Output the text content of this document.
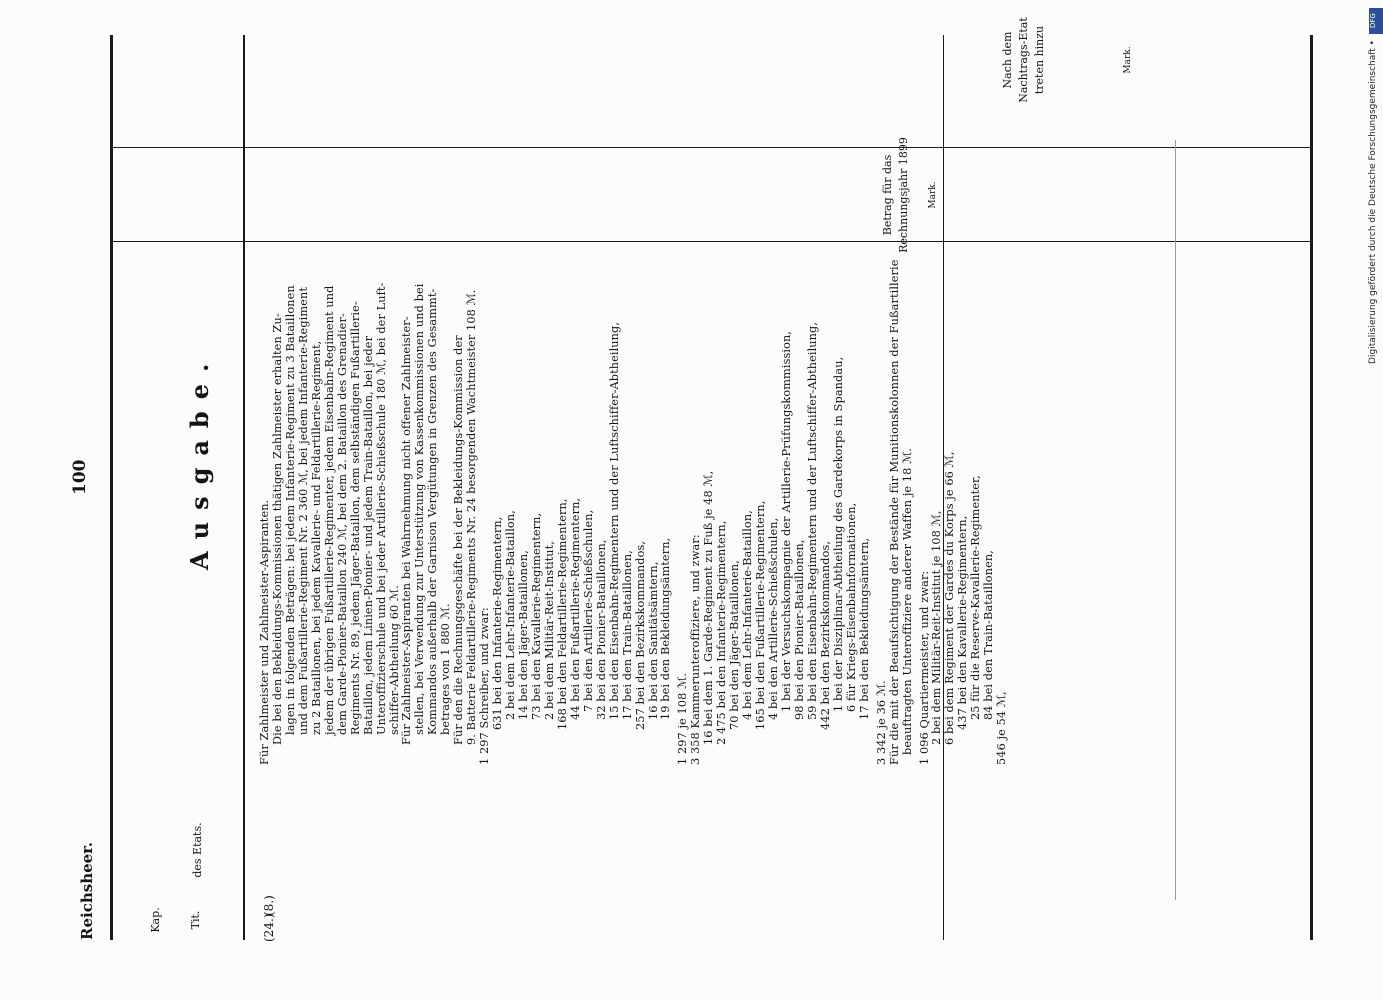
DFG
Digitalisierung gefördert durch die Deutsche Forschungsgemeinschaft •
Reichsheer.
100
Kap. Tit.
des Etats.
Ausgabe.
Betrag für das Rechnungsjahr 1899	Mark.
Nach dem Nachtrags-Etat treten hinzu	Mark.
(24.)
(8.)
Für Zahlmeister und Zahlmeister-Aspiranten. Die bei den Bekleidungs-Kommissionen thätigen Zahlmeister erhalten Zu- lagen in folgenden Beträgen: bei jedem Infanterie-Regiment zu 3 Bataillonen und dem Fußartillerie-Regiment Nr. 2 360 ℳ, bei jedem Infanterie-Regiment zu 2 Bataillonen, bei jedem Kavallerie- und Feldartillerie-Regiment, jedem der übrigen Fußartillerie-Regimenter, jedem Eisenbahn-Regiment und dem Garde-Pionier-Bataillon 240 ℳ, bei dem 2. Bataillon des Grenadier- Regiments Nr. 89, jedem Jäger-Bataillon, dem selbständigen Fußartillerie- Bataillon, jedem Linien-Pionier- und jedem Train-Bataillon, bei jeder Unteroffizierschule und bei jeder Artillerie-Schießschule 180 ℳ, bei der Luft- schiffer-Abtheilung 60 ℳ. Für Zahlmeister-Aspiranten bei Wahrnehmung nicht offener Zahlmeister- stellen, bei Verwendung zur Unterstützung von Kassenkommissionen und bei Kommandos außerhalb der Garnison Vergütungen in Grenzen des Gesammt- betrages von 1 880 ℳ. Für den die Rechnungsgeschäfte bei der Bekleidungs-Kommission der 9. Batterie Feldartillerie-Regiments Nr. 24 besorgenden Wachtmeister 108 ℳ. 1 297 Schreiber, und zwar: 631 bei den Infanterie-Regimentern, 2 bei dem Lehr-Infanterie-Bataillon, 14 bei den Jäger-Bataillonen, 73 bei den Kavallerie-Regimentern, 2 bei dem Militär-Reit-Institut, 168 bei den Feldartillerie-Regimentern, 44 bei den Fußartillerie-Regimentern, 7 bei den Artillerie-Schießschulen, 32 bei den Pionier-Bataillonen, 15 bei den Eisenbahn-Regimentern und der Luftschiffer-Abtheilung, 17 bei den Train-Bataillonen, 257 bei den Bezirkskommandos, 16 bei den Sanitätsämtern, 19 bei den Bekleidungsämtern, 1 297 je 108 ℳ. 3 358 Kammerunteroffiziere, und zwar: 16 bei dem 1. Garde-Regiment zu Fuß je 48 ℳ, 2 475 bei den Infanterie-Regimentern, 70 bei den Jäger-Bataillonen, 4 bei dem Lehr-Infanterie-Bataillon, 165 bei den Fußartillerie-Regimentern, 4 bei den Artillerie-Schießschulen, 1 bei der Versuchskompagnie der Artillerie-Prüfungskommission, 98 bei den Pionier-Bataillonen, 59 bei den Eisenbahn-Regimentern und der Luftschiffer-Abtheilung, 442 bei den Bezirkskommandos, 1 bei der Disziplinar-Abtheilung des Gardekorps in Spandau, 6 für Kriegs-Eisenbahnformationen, 17 bei den Bekleidungsämtern,
3 342 je 36 ℳ. Für die mit der Beaufsichtigung der Bestände für Munitionskolonnen der Fußartillerie beauftragten Unteroffiziere anderer Waffen je 18 ℳ. 1 096 Quartiermeister, und zwar: 2 bei dem Militär-Reit-Institut je 108 ℳ, 6 bei dem Regiment der Gardes du Korps je 66 ℳ, 437 bei den Kavallerie-Regimentern, 25 für die Reserve-Kavallerie-Regimenter, 84 bei den Train-Bataillonen,
546 je 54 ℳ,
